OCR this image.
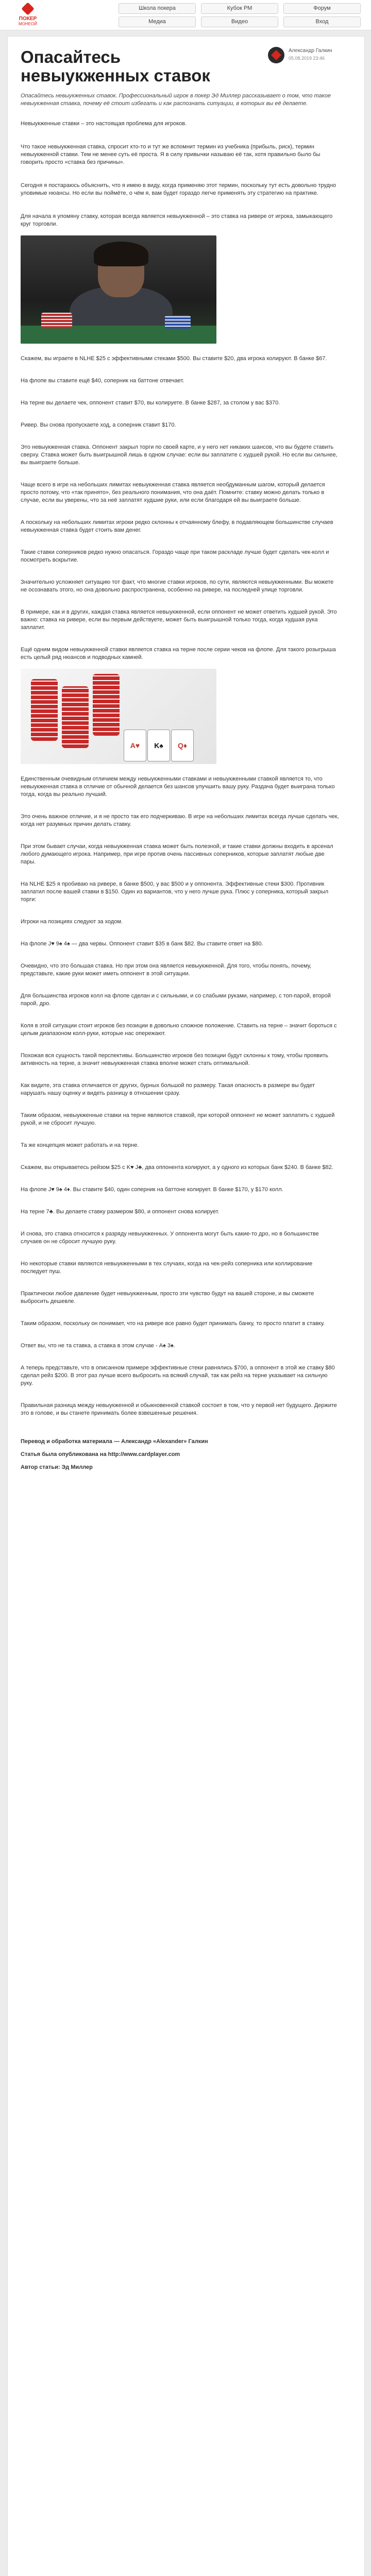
ПОКЕР
MОНЕОЙ
Школа покера	Кубок РМ	Форум
Медиа	Видео	Вход
Опасайтесь невыукженных ставок
Александр Галкин
05.08.2019 23:46

Опасайтесь невыукженных ставок. Профессиональный игрок в покер Эд Миллер рассказывает о том, что такое невыукженная ставка, почему её стоит избегать и как распознать ситуации, в которых вы её делаете.

Невыукженные ставки – это настоящая проблема для игроков.

Что такое невыукженная ставка, спросит кто-то и тут же вспомнит термин из учебника (прибыль, риск), термин невыукженной ставки. Тем не менее суть её проста. Я в силу привычки называю её так, хотя правильно было бы говорить просто «ставка без причины».

Сегодня я постараюсь объяснить, что я имею в виду, когда применяю этот термин, поскольку тут есть довольно трудно уловимые нюансы. Но если вы поймёте, о чём я, вам будет гораздо легче применять эту стратегию на практике.

Для начала я упомяну ставку, которая всегда является невыукженной – это ставка на ривере от игрока, замыкающего круг торговли.

Скажем, вы играете в NLHE $25 с эффективными стеками $500. Вы ставите $20, два игрока колируют. В банке $67.

На флопе вы ставите ещё $40, соперник на баттоне отвечает.

На терне вы делаете чек, оппонент ставит $70, вы колируете. В банке $287, за столом у вас $370.

Ривер. Вы снова пропускаете ход, а соперник ставит $170.

Это невыукженная ставка. Оппонент закрыл торги по своей карте, и у него нет никаких шансов, что вы будете ставить сверху. Ставка может быть выигрышной лишь в одном случае: если вы заплатите с худшей рукой. Но если вы сильнее, вы выиграете больше.

Чаще всего в игре на небольших лимитах невыукженная ставка является необдуманным шагом, который делается просто потому, что «так принято», без реального понимания, что она даёт. Помните: ставку можно делать только в случае, если вы уверены, что за неё заплатят худшие руки, или если благодаря ей вы выиграете больше.

А поскольку на небольших лимитах игроки редко склонны к отчаянному блефу, в подавляющем большинстве случаев невыукженная ставка будет стоить вам денег.

Такие ставки соперников редко нужно опасаться. Гораздо чаще при таком раскладе лучше будет сделать чек-колл и посмотреть вскрытие.

Значительно усложняет ситуацию тот факт, что многие ставки игроков, по сути, являются невыукженными. Вы можете не осознавать этого, но она довольно распространена, особенно на ривере, на последней улице торговли.

В примере, как и в других, каждая ставка является невыукженной, если оппонент не может ответить худшей рукой. Это важно: ставка на ривере, если вы первым действуете, может быть выигрышной только тогда, когда худшая рука заплатит.

Ещё одним видом невыукженной ставки является ставка на терне после серии чеков на флопе. Для такого розыгрыша есть целый ряд нюансов и подводных камней.

A♥	K♠	Q♦

Единственным очевидным отличием между невыукженными ставками и невыукженными ставкой является то, что невыукженная ставка в отличие от обычной делается без шансов улучшить вашу руку. Раздача будет выиграна только тогда, когда вы реально лучший.

Это очень важное отличие, и я не просто так его подчеркиваю. В игре на небольших лимитах всегда лучше сделать чек, когда нет разумных причин делать ставку.

При этом бывает случаи, когда невыукженная ставка может быть полезной, и такие ставки должны входить в арсенал любого думающего игрока. Например, при игре против очень пассивных соперников, которые заплатят любые две пары.

На NLHE $25 я пробиваю на ривере, в банке $500, у вас $500 и у оппонента. Эффективные стеки $300. Противник заплатил после вашей ставки в $150. Один из вариантов, что у него лучше рука. Плюс у соперника, который закрыл торги:

Игроки на позициях следуют за ходом.

На флопе J♥ 9♠ 4♠ — два червы. Оппонент ставит $35 в банк $82. Вы ставите ответ на $80.

Очевидно, что это большая ставка. Но при этом она является невыукженной. Для того, чтобы понять, почему, представьте, какие руки может иметь оппонент в этой ситуации.

Для большинства игроков колл на флопе сделан и с сильными, и со слабыми руками, например, с топ-парой, второй парой, дро.

Коля в этой ситуации стоит игроков без позиции в довольно сложное положение. Ставить на терне – значит бороться с целым диапазоном колл-руки, которые нас опережают.

Похожая вся сущность такой перспективы. Большинство игроков без позиции будут склонны к тому, чтобы проявить активность на терне, а значит невыукженная ставка вполне может стать оптимальной.

Как видите, эта ставка отличается от других, бурных большой по размеру. Такая опасность в размере вы будет нарушать нашу оценку и видеть разницу в отношении сразу.

Таким образом, невыукженные ставки на терне являются ставкой, при которой оппонент не может заплатить с худшей рукой, и не сбросит лучшую.

Та же концепция может работать и на терне.

Скажем, вы открываетесь рейзом $25 с K♥ J♣, два оппонента колируют, а у одного из которых банк $240. В банке $82.

На флопе J♥ 9♠ 4♦. Вы ставите $40, один соперник на баттоне колирует. В банке $170, у $170 колл.

На терне 7♣. Вы делаете ставку размером $80, и оппонент снова колирует.

И снова, это ставка относится к разряду невыукженных. У оппонента могут быть какие-то дро, но в большинстве случаев он не сбросит лучшую руку.

Но некоторые ставки являются невыукженными в тех случаях, когда на чек-рейз соперника или коллирование последует пуш.

Практически любое давление будет невыукженным, просто эти чувство будут на вашей стороне, и вы сможете выбросить дешевле.

Таким образом, поскольку он понимает, что на ривере все равно будет принимать банку, то просто платит в ставку.

Ответ вы, что не та ставка, а ставка в этом случае - A♠ 3♠.

А теперь представьте, что в описанном примере эффективные стеки равнялись $700, а оппонент в этой же ставку $80 сделал рейз $200. В этот раз лучше всего выбросить на всякий случай, так как рейз на терне указывает на сильную руку.

Правильная разница между невыукженной и обыкновенной ставкой состоит в том, что у первой нет будущего. Держите это в голове, и вы станете принимать более взвешенные решения.

Перевод и обработка материала — Александр «Alexander» Галкин

Статья была опубликована на http://www.cardplayer.com

Автор статьи: Эд Миллер
